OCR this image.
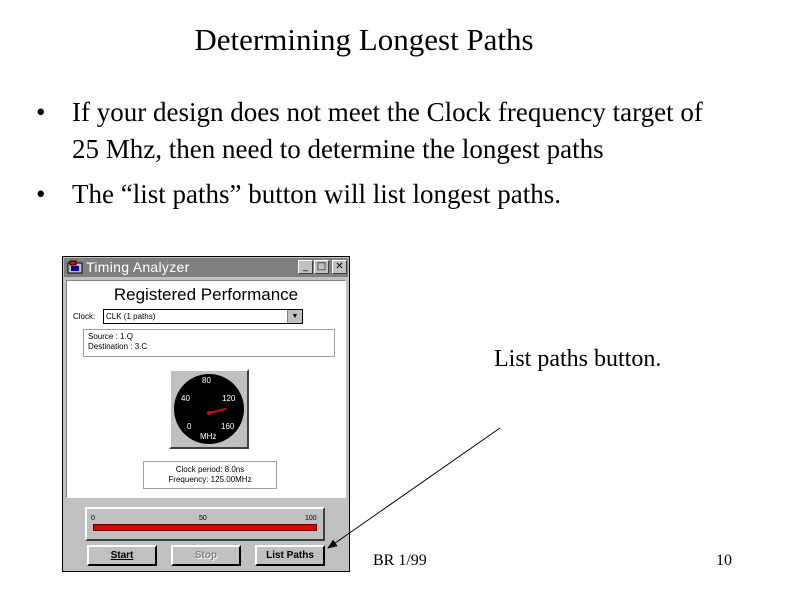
Determining Longest Paths
• If your design does not meet the Clock frequency target of 25 Mhz, then need to determine the longest paths
• The “list paths” button will list longest paths.
Timing Analyzer	_ □ ✕
Registered Performance
Clock:	CLK (1 paths)	▼
Source : 1.Q
Destination : 3.C
0
40
80
120
160
MHz
Clock period: 8.0ns
Frequency: 125.00MHz
0	50	100
Start	Stop	List Paths
List paths button.
BR 1/99	10
